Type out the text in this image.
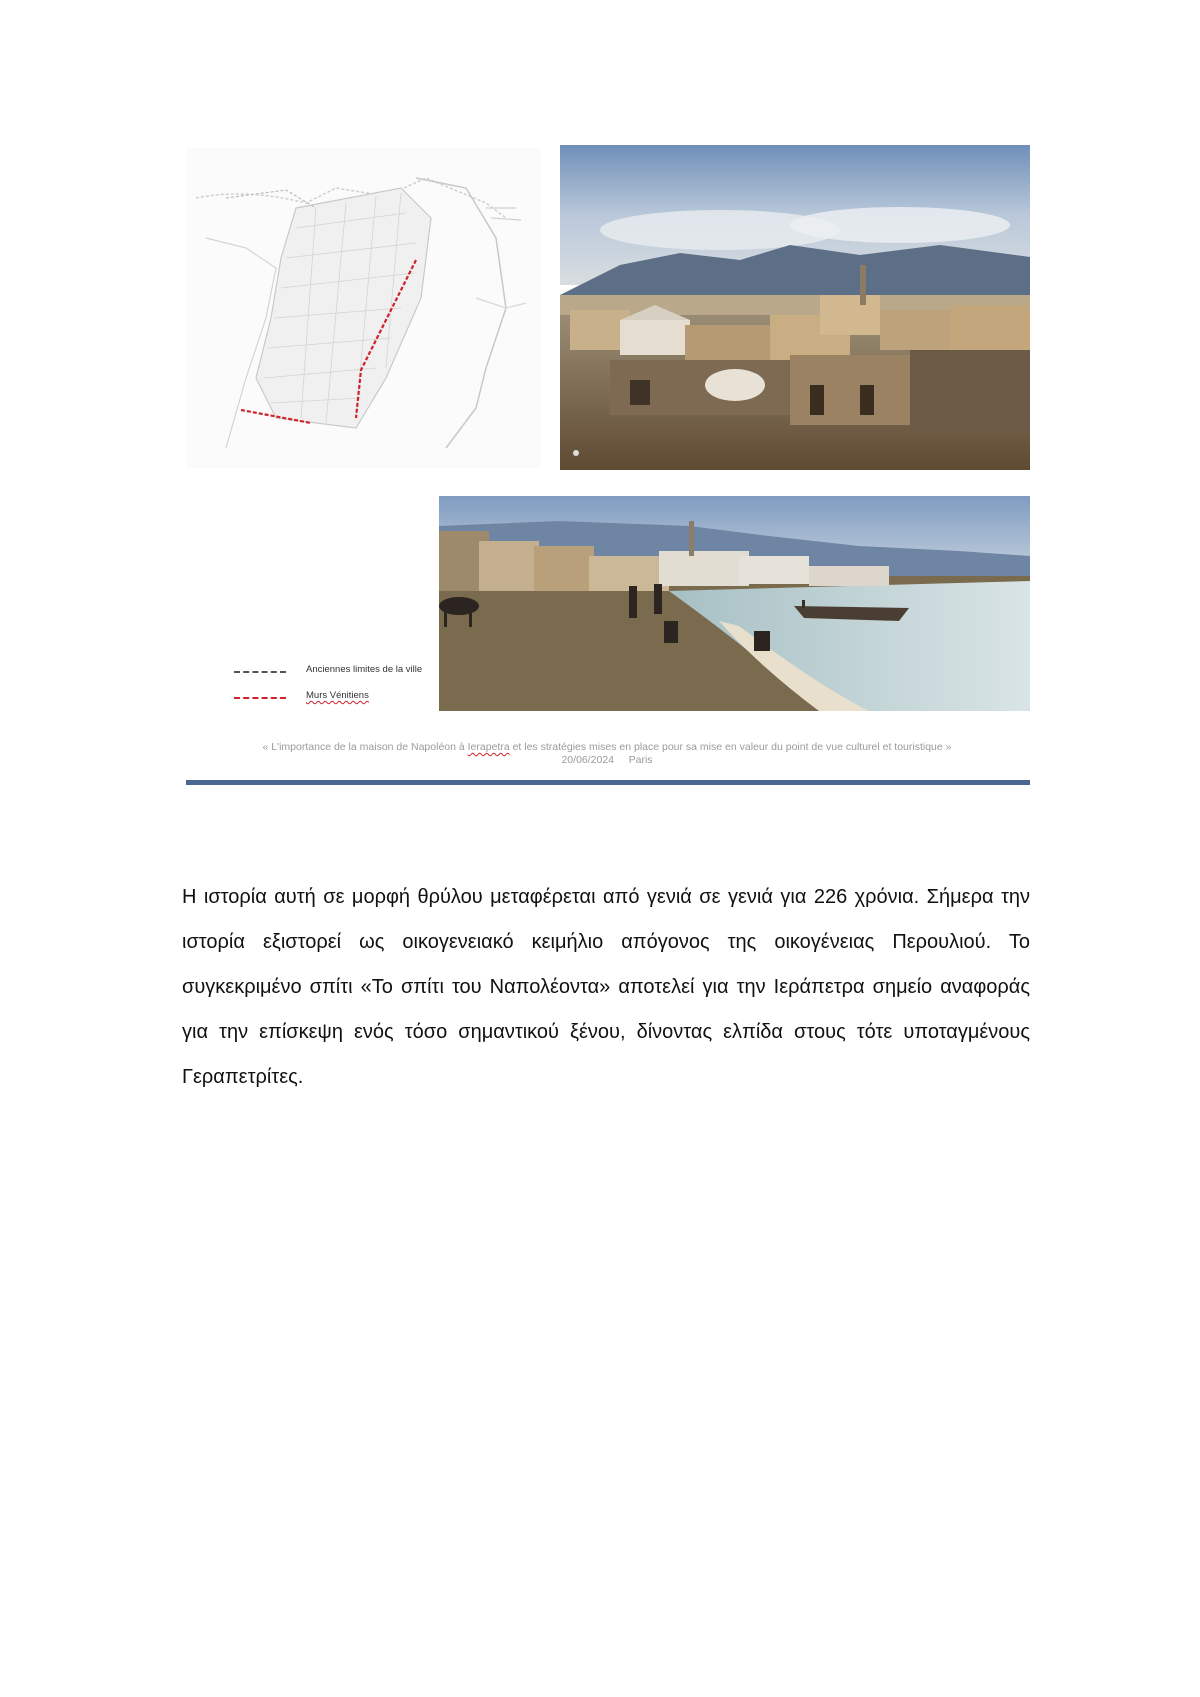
Anciennes limites de la ville
Murs Vénitiens
« L'importance de la maison de Napoléon à Ierapetra et les stratégies mises en place pour sa mise en valeur du point de vue culturel et touristique »
20/06/2024     Paris

Η ιστορία αυτή σε μορφή θρύλου μεταφέρεται από γενιά σε γενιά για 226 χρόνια. Σήμερα την ιστορία εξιστορεί ως οικογενειακό κειμήλιο απόγονος της οικογένειας Περουλιού. Το συγκεκριμένο σπίτι «Το σπίτι του Ναπολέοντα» αποτελεί για την Ιεράπετρα σημείο αναφοράς για την επίσκεψη ενός τόσο σημαντικού ξένου, δίνοντας ελπίδα στους τότε υποταγμένους Γεραπετρίτες.
